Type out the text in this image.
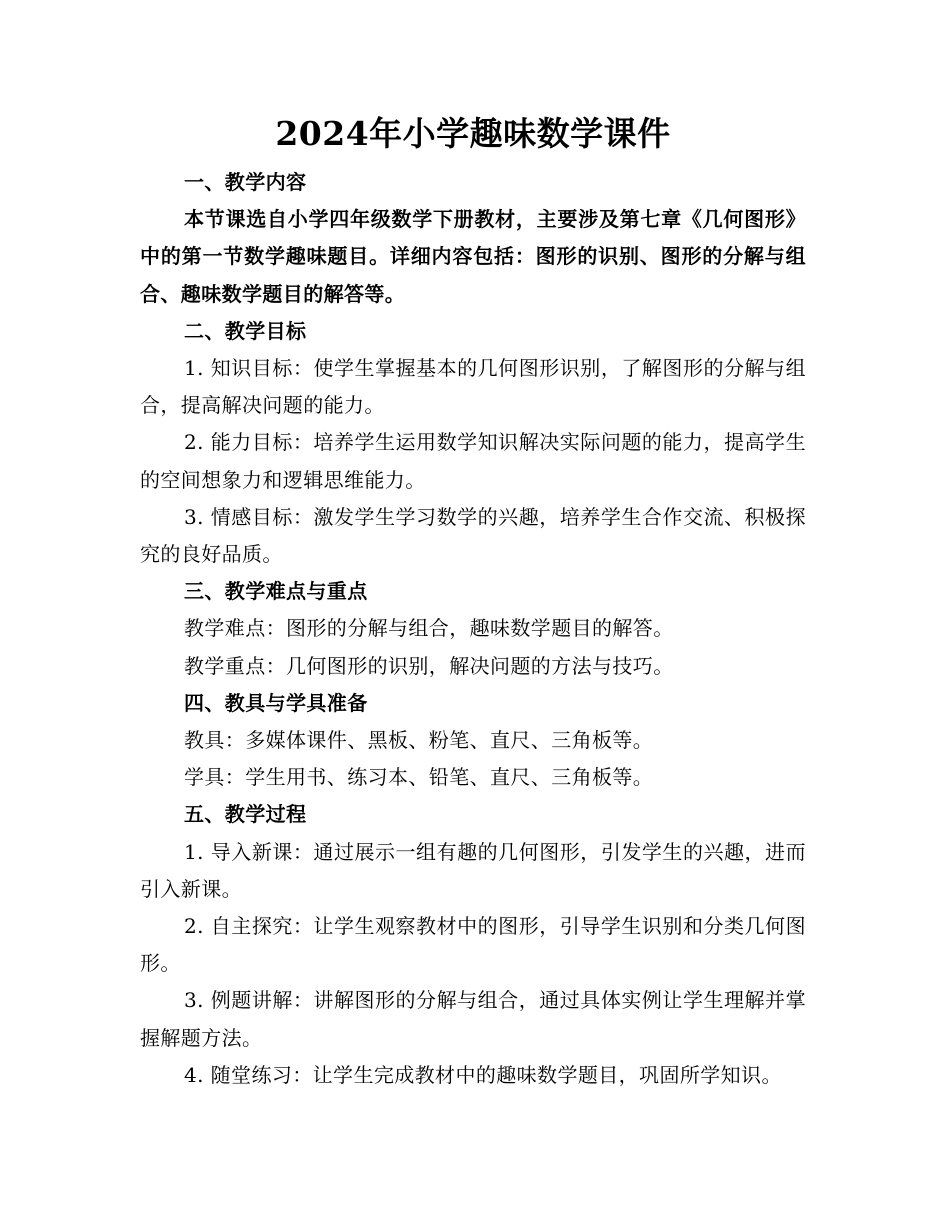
2024年小学趣味数学课件

一、教学内容

本节课选自小学四年级数学下册教材，主要涉及第七章《几何图形》中的第一节数学趣味题目。详细内容包括：图形的识别、图形的分解与组合、趣味数学题目的解答等。

二、教学目标

1. 知识目标：使学生掌握基本的几何图形识别，了解图形的分解与组合，提高解决问题的能力。

2. 能力目标：培养学生运用数学知识解决实际问题的能力，提高学生的空间想象力和逻辑思维能力。

3. 情感目标：激发学生学习数学的兴趣，培养学生合作交流、积极探究的良好品质。

三、教学难点与重点

教学难点：图形的分解与组合，趣味数学题目的解答。

教学重点：几何图形的识别，解决问题的方法与技巧。

四、教具与学具准备

教具：多媒体课件、黑板、粉笔、直尺、三角板等。

学具：学生用书、练习本、铅笔、直尺、三角板等。

五、教学过程

1. 导入新课：通过展示一组有趣的几何图形，引发学生的兴趣，进而引入新课。

2. 自主探究：让学生观察教材中的图形，引导学生识别和分类几何图形。

3. 例题讲解：讲解图形的分解与组合，通过具体实例让学生理解并掌握解题方法。

4. 随堂练习：让学生完成教材中的趣味数学题目，巩固所学知识。
